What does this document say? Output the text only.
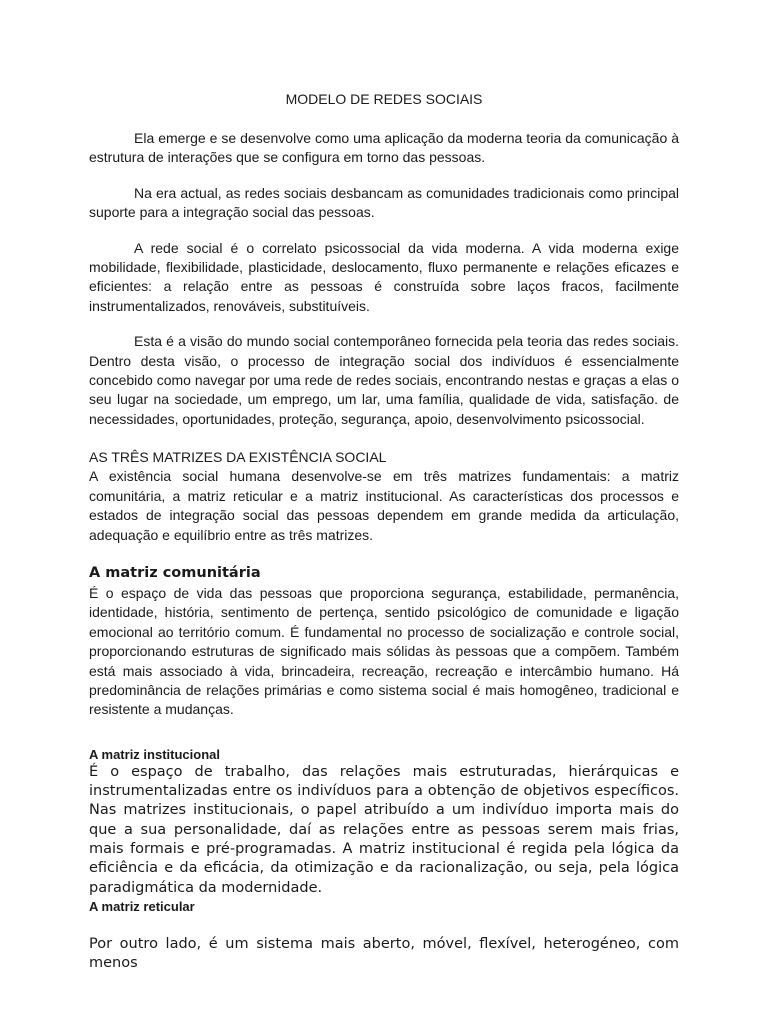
MODELO DE REDES SOCIAIS

Ela emerge e se desenvolve como uma aplicação da moderna teoria da comunicação à estrutura de interações que se configura em torno das pessoas.

Na era actual, as redes sociais desbancam as comunidades tradicionais como principal suporte para a integração social das pessoas.

A rede social é o correlato psicossocial da vida moderna. A vida moderna exige mobilidade, flexibilidade, plasticidade, deslocamento, fluxo permanente e relações eficazes e eficientes: a relação entre as pessoas é construída sobre laços fracos, facilmente instrumentalizados, renováveis, substituíveis.

Esta é a visão do mundo social contemporâneo fornecida pela teoria das redes sociais. Dentro desta visão, o processo de integração social dos indivíduos é essencialmente concebido como navegar por uma rede de redes sociais, encontrando nestas e graças a elas o seu lugar na sociedade, um emprego, um lar, uma família, qualidade de vida, satisfação. de necessidades, oportunidades, proteção, segurança, apoio, desenvolvimento psicossocial.

AS TRÊS MATRIZES DA EXISTÊNCIA SOCIAL

A existência social humana desenvolve-se em três matrizes fundamentais: a matriz comunitária, a matriz reticular e a matriz institucional. As características dos processos e estados de integração social das pessoas dependem em grande medida da articulação, adequação e equilíbrio entre as três matrizes.

A matriz comunitária

É o espaço de vida das pessoas que proporciona segurança, estabilidade, permanência, identidade, história, sentimento de pertença, sentido psicológico de comunidade e ligação emocional ao território comum. É fundamental no processo de socialização e controle social, proporcionando estruturas de significado mais sólidas às pessoas que a compõem. Também está mais associado à vida, brincadeira, recreação, recreação e intercâmbio humano. Há predominância de relações primárias e como sistema social é mais homogêneo, tradicional e resistente a mudanças.

A matriz institucional

É o espaço de trabalho, das relações mais estruturadas, hierárquicas e instrumentalizadas entre os indivíduos para a obtenção de objetivos específicos. Nas matrizes institucionais, o papel atribuído a um indivíduo importa mais do que a sua personalidade, daí as relações entre as pessoas serem mais frias, mais formais e pré-programadas. A matriz institucional é regida pela lógica da eficiência e da eficácia, da otimização e da racionalização, ou seja, pela lógica paradigmática da modernidade.

A matriz reticular

Por outro lado, é um sistema mais aberto, móvel, flexível, heterogéneo, com menos
